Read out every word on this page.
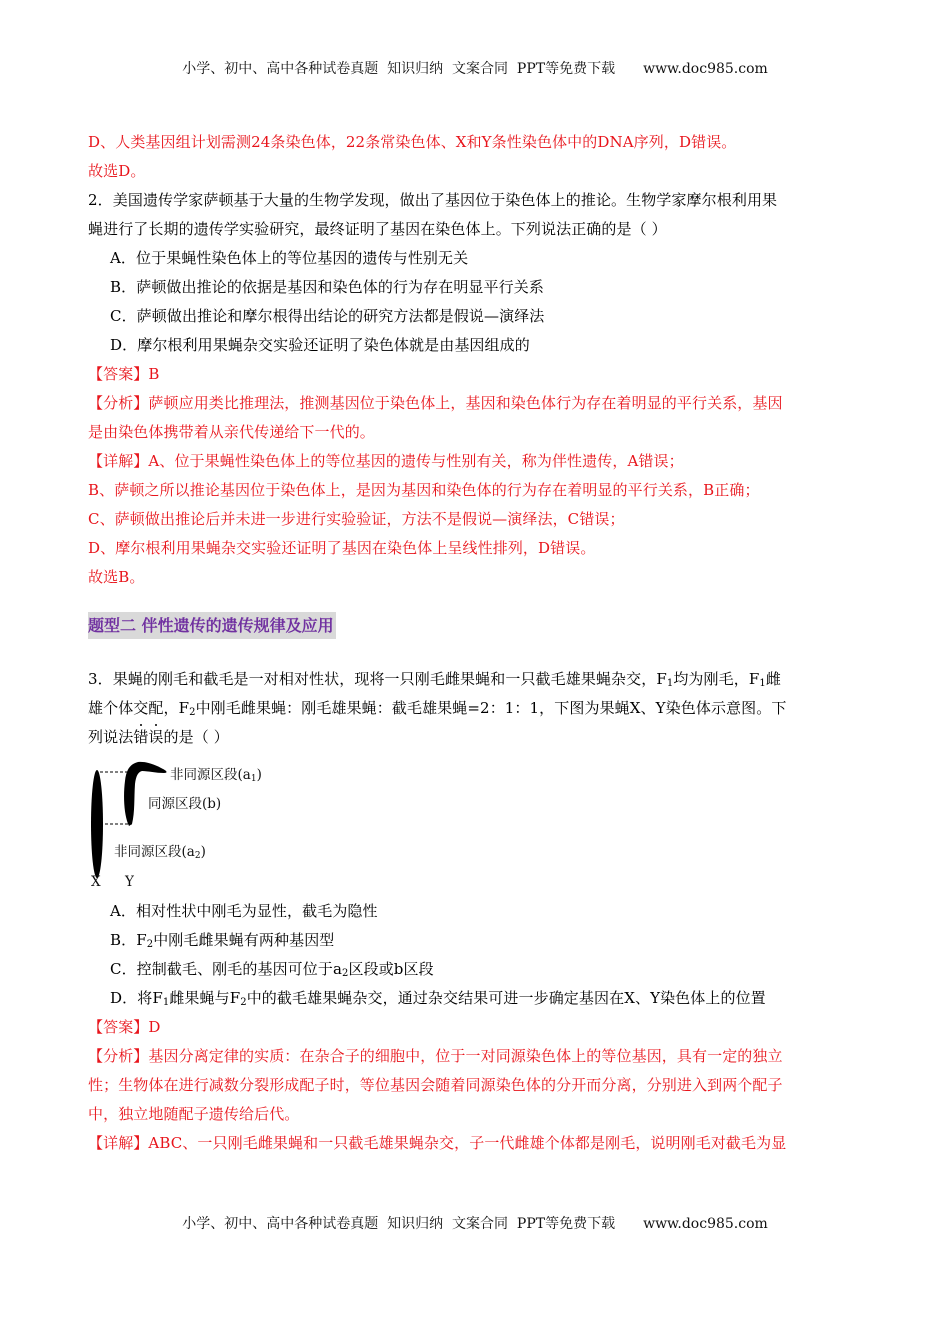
小学、初中、高中各种试卷真题  知识归纳  文案合同  PPT等免费下载 www.doc985.com
D、人类基因组计划需测24条染色体，22条常染色体、X和Y条性染色体中的DNA序列，D错误。
故选D。
2．美国遗传学家萨顿基于大量的生物学发现，做出了基因位于染色体上的推论。生物学家摩尔根利用果
蝇进行了长期的遗传学实验研究，最终证明了基因在染色体上。下列说法正确的是（ ）
A．位于果蝇性染色体上的等位基因的遗传与性别无关
B．萨顿做出推论的依据是基因和染色体的行为存在明显平行关系
C．萨顿做出推论和摩尔根得出结论的研究方法都是假说—演绎法
D．摩尔根利用果蝇杂交实验还证明了染色体就是由基因组成的
【答案】B
【分析】萨顿应用类比推理法，推测基因位于染色体上，基因和染色体行为存在着明显的平行关系，基因
是由染色体携带着从亲代传递给下一代的。
【详解】A、位于果蝇性染色体上的等位基因的遗传与性别有关，称为伴性遗传，A错误；
B、萨顿之所以推论基因位于染色体上，是因为基因和染色体的行为存在着明显的平行关系，B正确；
C、萨顿做出推论后并未进一步进行实验验证，方法不是假说—演绎法，C错误；
D、摩尔根利用果蝇杂交实验还证明了基因在染色体上呈线性排列，D错误。
故选B。
题型二 伴性遗传的遗传规律及应用
3．果蝇的刚毛和截毛是一对相对性状，现将一只刚毛雌果蝇和一只截毛雄果蝇杂交，F1均为刚毛，F1雌
雄个体交配，F2中刚毛雌果蝇：刚毛雄果蝇：截毛雄果蝇=2：1：1，下图为果蝇X、Y染色体示意图。下
列说法错误的是（ ）
非同源区段$(a_1)$
同源区段(b)
非同源区段$(a_2)$
X Y
A．相对性状中刚毛为显性，截毛为隐性
B．F2中刚毛雌果蝇有两种基因型
C．控制截毛、刚毛的基因可位于a2区段或b区段
D．将F1雌果蝇与F2中的截毛雄果蝇杂交，通过杂交结果可进一步确定基因在X、Y染色体上的位置
【答案】D
【分析】基因分离定律的实质：在杂合子的细胞中，位于一对同源染色体上的等位基因，具有一定的独立
性；生物体在进行减数分裂形成配子时，等位基因会随着同源染色体的分开而分离，分别进入到两个配子
中，独立地随配子遗传给后代。
【详解】ABC、一只刚毛雌果蝇和一只截毛雄果蝇杂交，子一代雌雄个体都是刚毛，说明刚毛对截毛为显
小学、初中、高中各种试卷真题  知识归纳  文案合同  PPT等免费下载 www.doc985.com
